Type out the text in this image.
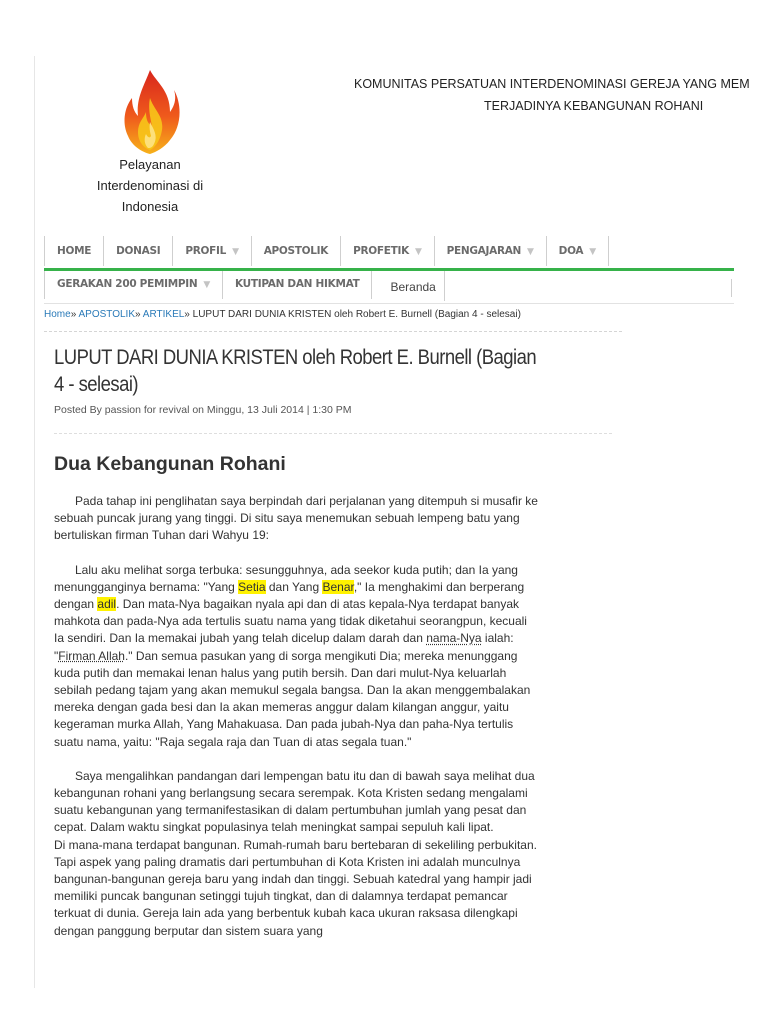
Pelayanan
Interdenominasi di
Indonesia
KOMUNITAS PERSATUAN INTERDENOMINASI GEREJA YANG MEM
TERJADINYA KEBANGUNAN ROHANI
HOME	DONASI	PROFIL ▼	APOSTOLIK	PROFETIK ▼	PENGAJARAN ▼	DOA ▼
GERAKAN 200 PEMIMPIN ▼	KUTIPAN DAN HIKMAT	Beranda
Home» APOSTOLIK» ARTIKEL» LUPUT DARI DUNIA KRISTEN oleh Robert E. Burnell (Bagian 4 - selesai)
LUPUT DARI DUNIA KRISTEN oleh Robert E. Burnell (Bagian 4 - selesai)
Posted By passion for revival on Minggu, 13 Juli 2014 | 1:30 PM
Dua Kebangunan Rohani

Pada tahap ini penglihatan saya berpindah dari perjalanan yang ditempuh si musafir ke sebuah puncak jurang yang tinggi. Di situ saya menemukan sebuah lempeng batu yang bertuliskan firman Tuhan dari Wahyu 19:

Lalu aku melihat sorga terbuka: sesungguhnya, ada seekor kuda putih; dan Ia yang menungganginya bernama: "Yang Setia dan Yang Benar," Ia menghakimi dan berperang dengan adil. Dan mata-Nya bagaikan nyala api dan di atas kepala-Nya terdapat banyak mahkota dan pada-Nya ada tertulis suatu nama yang tidak diketahui seorangpun, kecuali Ia sendiri. Dan Ia memakai jubah yang telah dicelup dalam darah dan nama-Nya ialah: "Firman Allah." Dan semua pasukan yang di sorga mengikuti Dia; mereka menunggang kuda putih dan memakai lenan halus yang putih bersih. Dan dari mulut-Nya keluarlah sebilah pedang tajam yang akan memukul segala bangsa. Dan Ia akan menggembalakan mereka dengan gada besi dan Ia akan memeras anggur dalam kilangan anggur, yaitu kegeraman murka Allah, Yang Mahakuasa. Dan pada jubah-Nya dan paha-Nya tertulis suatu nama, yaitu: "Raja segala raja dan Tuan di atas segala tuan."

Saya mengalihkan pandangan dari lempengan batu itu dan di bawah saya melihat dua kebangunan rohani yang berlangsung secara serempak. Kota Kristen sedang mengalami suatu kebangunan yang termanifestasikan di dalam pertumbuhan jumlah yang pesat dan cepat. Dalam waktu singkat populasinya telah meningkat sampai sepuluh kali lipat.

Di mana-mana terdapat bangunan. Rumah-rumah baru bertebaran di sekeliling perbukitan. Tapi aspek yang paling dramatis dari pertumbuhan di Kota Kristen ini adalah munculnya bangunan-bangunan gereja baru yang indah dan tinggi. Sebuah katedral yang hampir jadi memiliki puncak bangunan setinggi tujuh tingkat, dan di dalamnya terdapat pemancar terkuat di dunia. Gereja lain ada yang berbentuk kubah kaca ukuran raksasa dilengkapi dengan panggung berputar dan sistem suara yang
